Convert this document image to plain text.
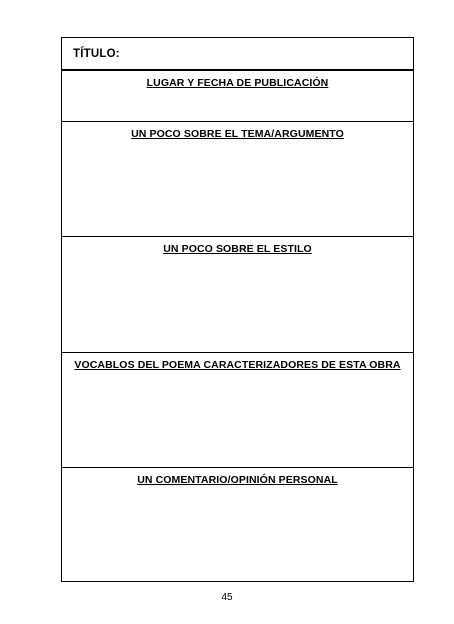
TÍTULO:
LUGAR Y FECHA DE PUBLICACIÓN
UN POCO SOBRE EL TEMA/ARGUMENTO
UN POCO SOBRE EL ESTILO
VOCABLOS DEL POEMA CARACTERIZADORES DE ESTA OBRA
UN COMENTARIO/OPINIÓN PERSONAL
45
